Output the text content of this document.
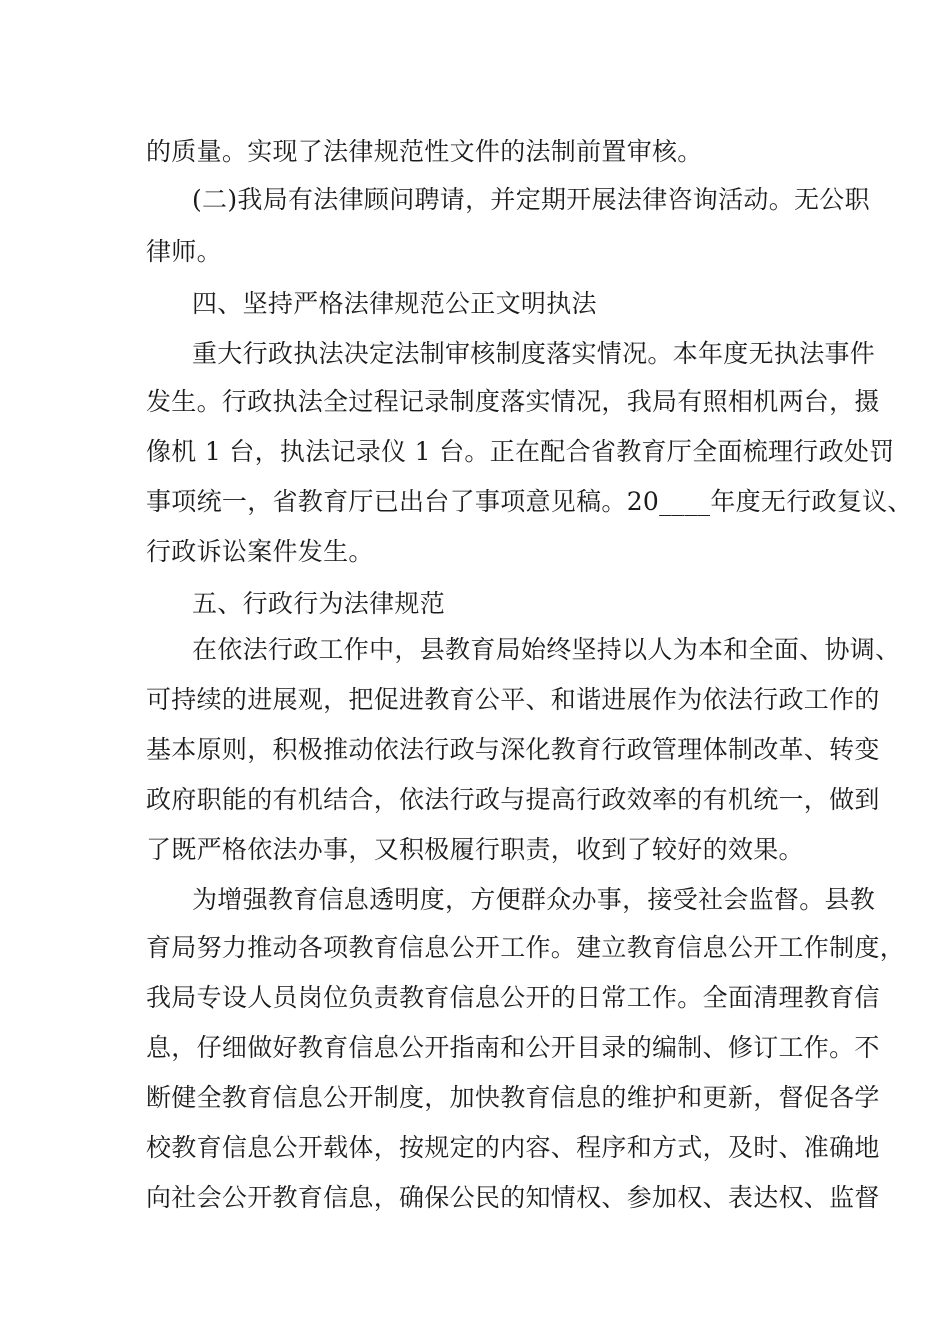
的质量。实现了法律规范性文件的法制前置审核。
(二)我局有法律顾问聘请，并定期开展法律咨询活动。无公职
律师。
四、坚持严格法律规范公正文明执法
重大行政执法决定法制审核制度落实情况。本年度无执法事件
发生。行政执法全过程记录制度落实情况，我局有照相机两台，摄
像机 1 台，执法记录仪 1 台。正在配合省教育厅全面梳理行政处罚
事项统一，省教育厅已出台了事项意见稿。20____年度无行政复议、
行政诉讼案件发生。
五、行政行为法律规范
在依法行政工作中，县教育局始终坚持以人为本和全面、协调、
可持续的进展观，把促进教育公平、和谐进展作为依法行政工作的
基本原则，积极推动依法行政与深化教育行政管理体制改革、转变
政府职能的有机结合，依法行政与提高行政效率的有机统一，做到
了既严格依法办事，又积极履行职责，收到了较好的效果。
为增强教育信息透明度，方便群众办事，接受社会监督。县教
育局努力推动各项教育信息公开工作。建立教育信息公开工作制度，
我局专设人员岗位负责教育信息公开的日常工作。全面清理教育信
息，仔细做好教育信息公开指南和公开目录的编制、修订工作。不
断健全教育信息公开制度，加快教育信息的维护和更新，督促各学
校教育信息公开载体，按规定的内容、程序和方式，及时、准确地
向社会公开教育信息，确保公民的知情权、参加权、表达权、监督
